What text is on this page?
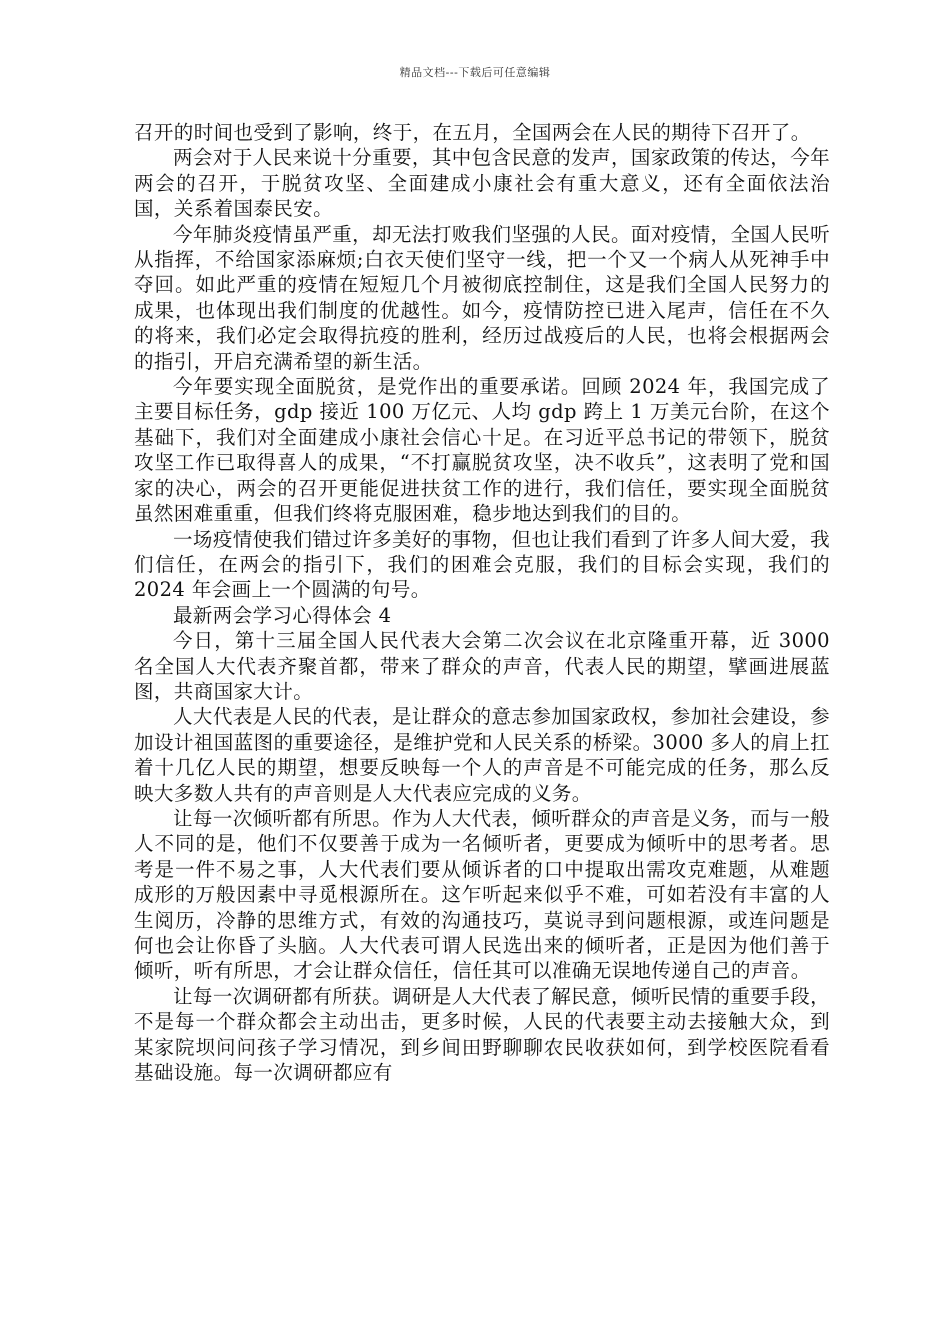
精品文档---下载后可任意编辑

召开的时间也受到了影响，终于，在五月，全国两会在人民的期待下召开了。

两会对于人民来说十分重要，其中包含民意的发声，国家政策的传达，今年两会的召开，于脱贫攻坚、全面建成小康社会有重大意义，还有全面依法治国，关系着国泰民安。

今年肺炎疫情虽严重，却无法打败我们坚强的人民。面对疫情，全国人民听从指挥，不给国家添麻烦;白衣天使们坚守一线，把一个又一个病人从死神手中夺回。如此严重的疫情在短短几个月被彻底控制住，这是我们全国人民努力的成果，也体现出我们制度的优越性。如今，疫情防控已进入尾声，信任在不久的将来，我们必定会取得抗疫的胜利，经历过战疫后的人民，也将会根据两会的指引，开启充满希望的新生活。

今年要实现全面脱贫，是党作出的重要承诺。回顾 2024 年，我国完成了主要目标任务，gdp 接近 100 万亿元、人均 gdp 跨上 1 万美元台阶，在这个基础下，我们对全面建成小康社会信心十足。在习近平总书记的带领下，脱贫攻坚工作已取得喜人的成果，“不打赢脱贫攻坚，决不收兵”，这表明了党和国家的决心，两会的召开更能促进扶贫工作的进行，我们信任，要实现全面脱贫虽然困难重重，但我们终将克服困难，稳步地达到我们的目的。

一场疫情使我们错过许多美好的事物，但也让我们看到了许多人间大爱，我们信任，在两会的指引下，我们的困难会克服，我们的目标会实现，我们的 2024 年会画上一个圆满的句号。

最新两会学习心得体会 4

今日，第十三届全国人民代表大会第二次会议在北京隆重开幕，近 3000 名全国人大代表齐聚首都，带来了群众的声音，代表人民的期望，擘画进展蓝图，共商国家大计。

人大代表是人民的代表，是让群众的意志参加国家政权，参加社会建设，参加设计祖国蓝图的重要途径，是维护党和人民关系的桥梁。3000 多人的肩上扛着十几亿人民的期望，想要反映每一个人的声音是不可能完成的任务，那么反映大多数人共有的声音则是人大代表应完成的义务。

让每一次倾听都有所思。作为人大代表，倾听群众的声音是义务，而与一般人不同的是，他们不仅要善于成为一名倾听者，更要成为倾听中的思考者。思考是一件不易之事，人大代表们要从倾诉者的口中提取出需攻克难题，从难题成形的万般因素中寻觅根源所在。这乍听起来似乎不难，可如若没有丰富的人生阅历，冷静的思维方式，有效的沟通技巧，莫说寻到问题根源，或连问题是何也会让你昏了头脑。人大代表可谓人民选出来的倾听者，正是因为他们善于倾听，听有所思，才会让群众信任，信任其可以准确无误地传递自己的声音。

让每一次调研都有所获。调研是人大代表了解民意，倾听民情的重要手段，不是每一个群众都会主动出击，更多时候，人民的代表要主动去接触大众，到某家院坝问问孩子学习情况，到乡间田野聊聊农民收获如何，到学校医院看看基础设施。每一次调研都应有
